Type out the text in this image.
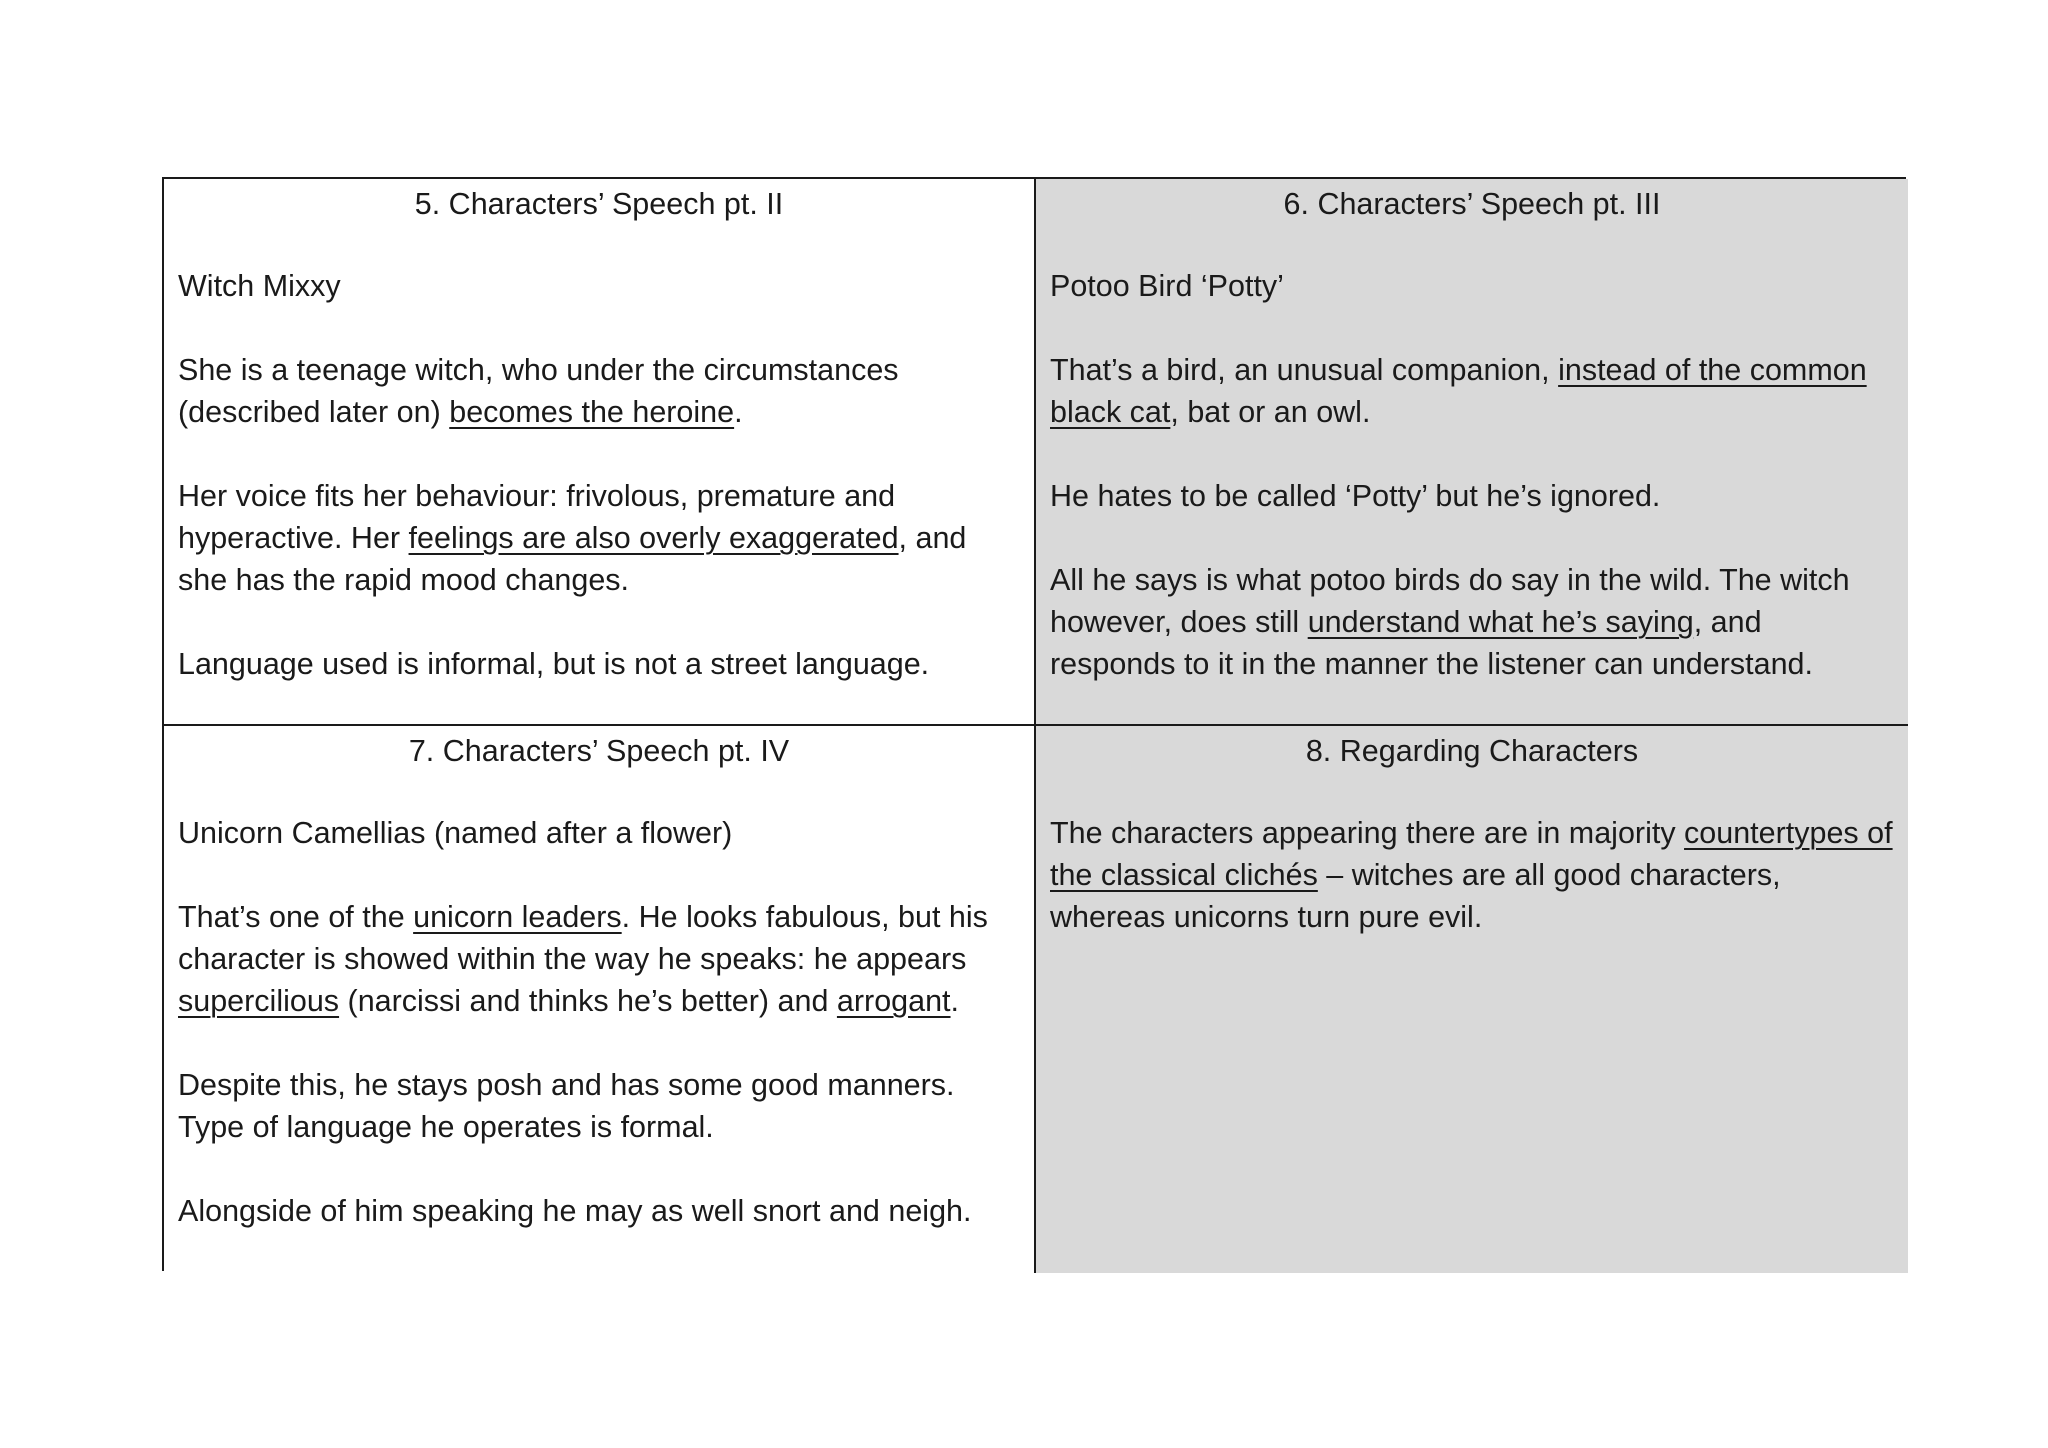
5. Characters’ Speech pt. II

Witch Mixxy

She is a teenage witch, who under the circumstances (described later on) becomes the heroine.

Her voice fits her behaviour: frivolous, premature and hyperactive. Her feelings are also overly exaggerated, and she has the rapid mood changes.

Language used is informal, but is not a street language.

6. Characters’ Speech pt. III

Potoo Bird ‘Potty’

That’s a bird, an unusual companion, instead of the common black cat, bat or an owl.

He hates to be called ‘Potty’ but he’s ignored.

All he says is what potoo birds do say in the wild. The witch however, does still understand what he’s saying, and responds to it in the manner the listener can understand.

7. Characters’ Speech pt. IV

Unicorn Camellias (named after a flower)

That’s one of the unicorn leaders. He looks fabulous, but his character is showed within the way he speaks: he appears supercilious (narcissi and thinks he’s better) and arrogant.

Despite this, he stays posh and has some good manners. Type of language he operates is formal.

Alongside of him speaking he may as well snort and neigh.

8. Regarding Characters

The characters appearing there are in majority countertypes of the classical clichés – witches are all good characters, whereas unicorns turn pure evil.
